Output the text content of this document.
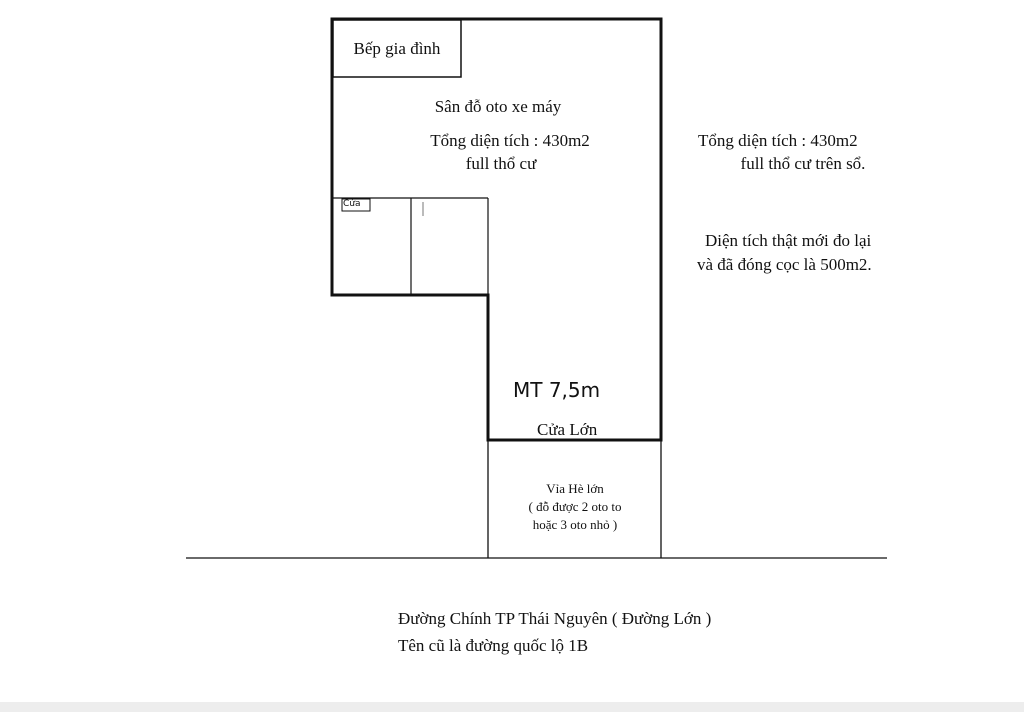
Bếp gia đình
Sân đỗ oto xe máy
Tổng diện tích : 430m2
full thổ cư
Cửa
MT 7,5m
Cửa Lớn
Vỉa Hè lớn
( đỗ được 2 oto to
hoặc 3 oto nhỏ )
Tổng diện tích : 430m2
full thổ cư trên sổ.
Diện tích thật mới đo lại
và đã đóng cọc là 500m2.
Đường Chính TP Thái Nguyên ( Đường Lớn )
Tên cũ là đường quốc lộ 1B
